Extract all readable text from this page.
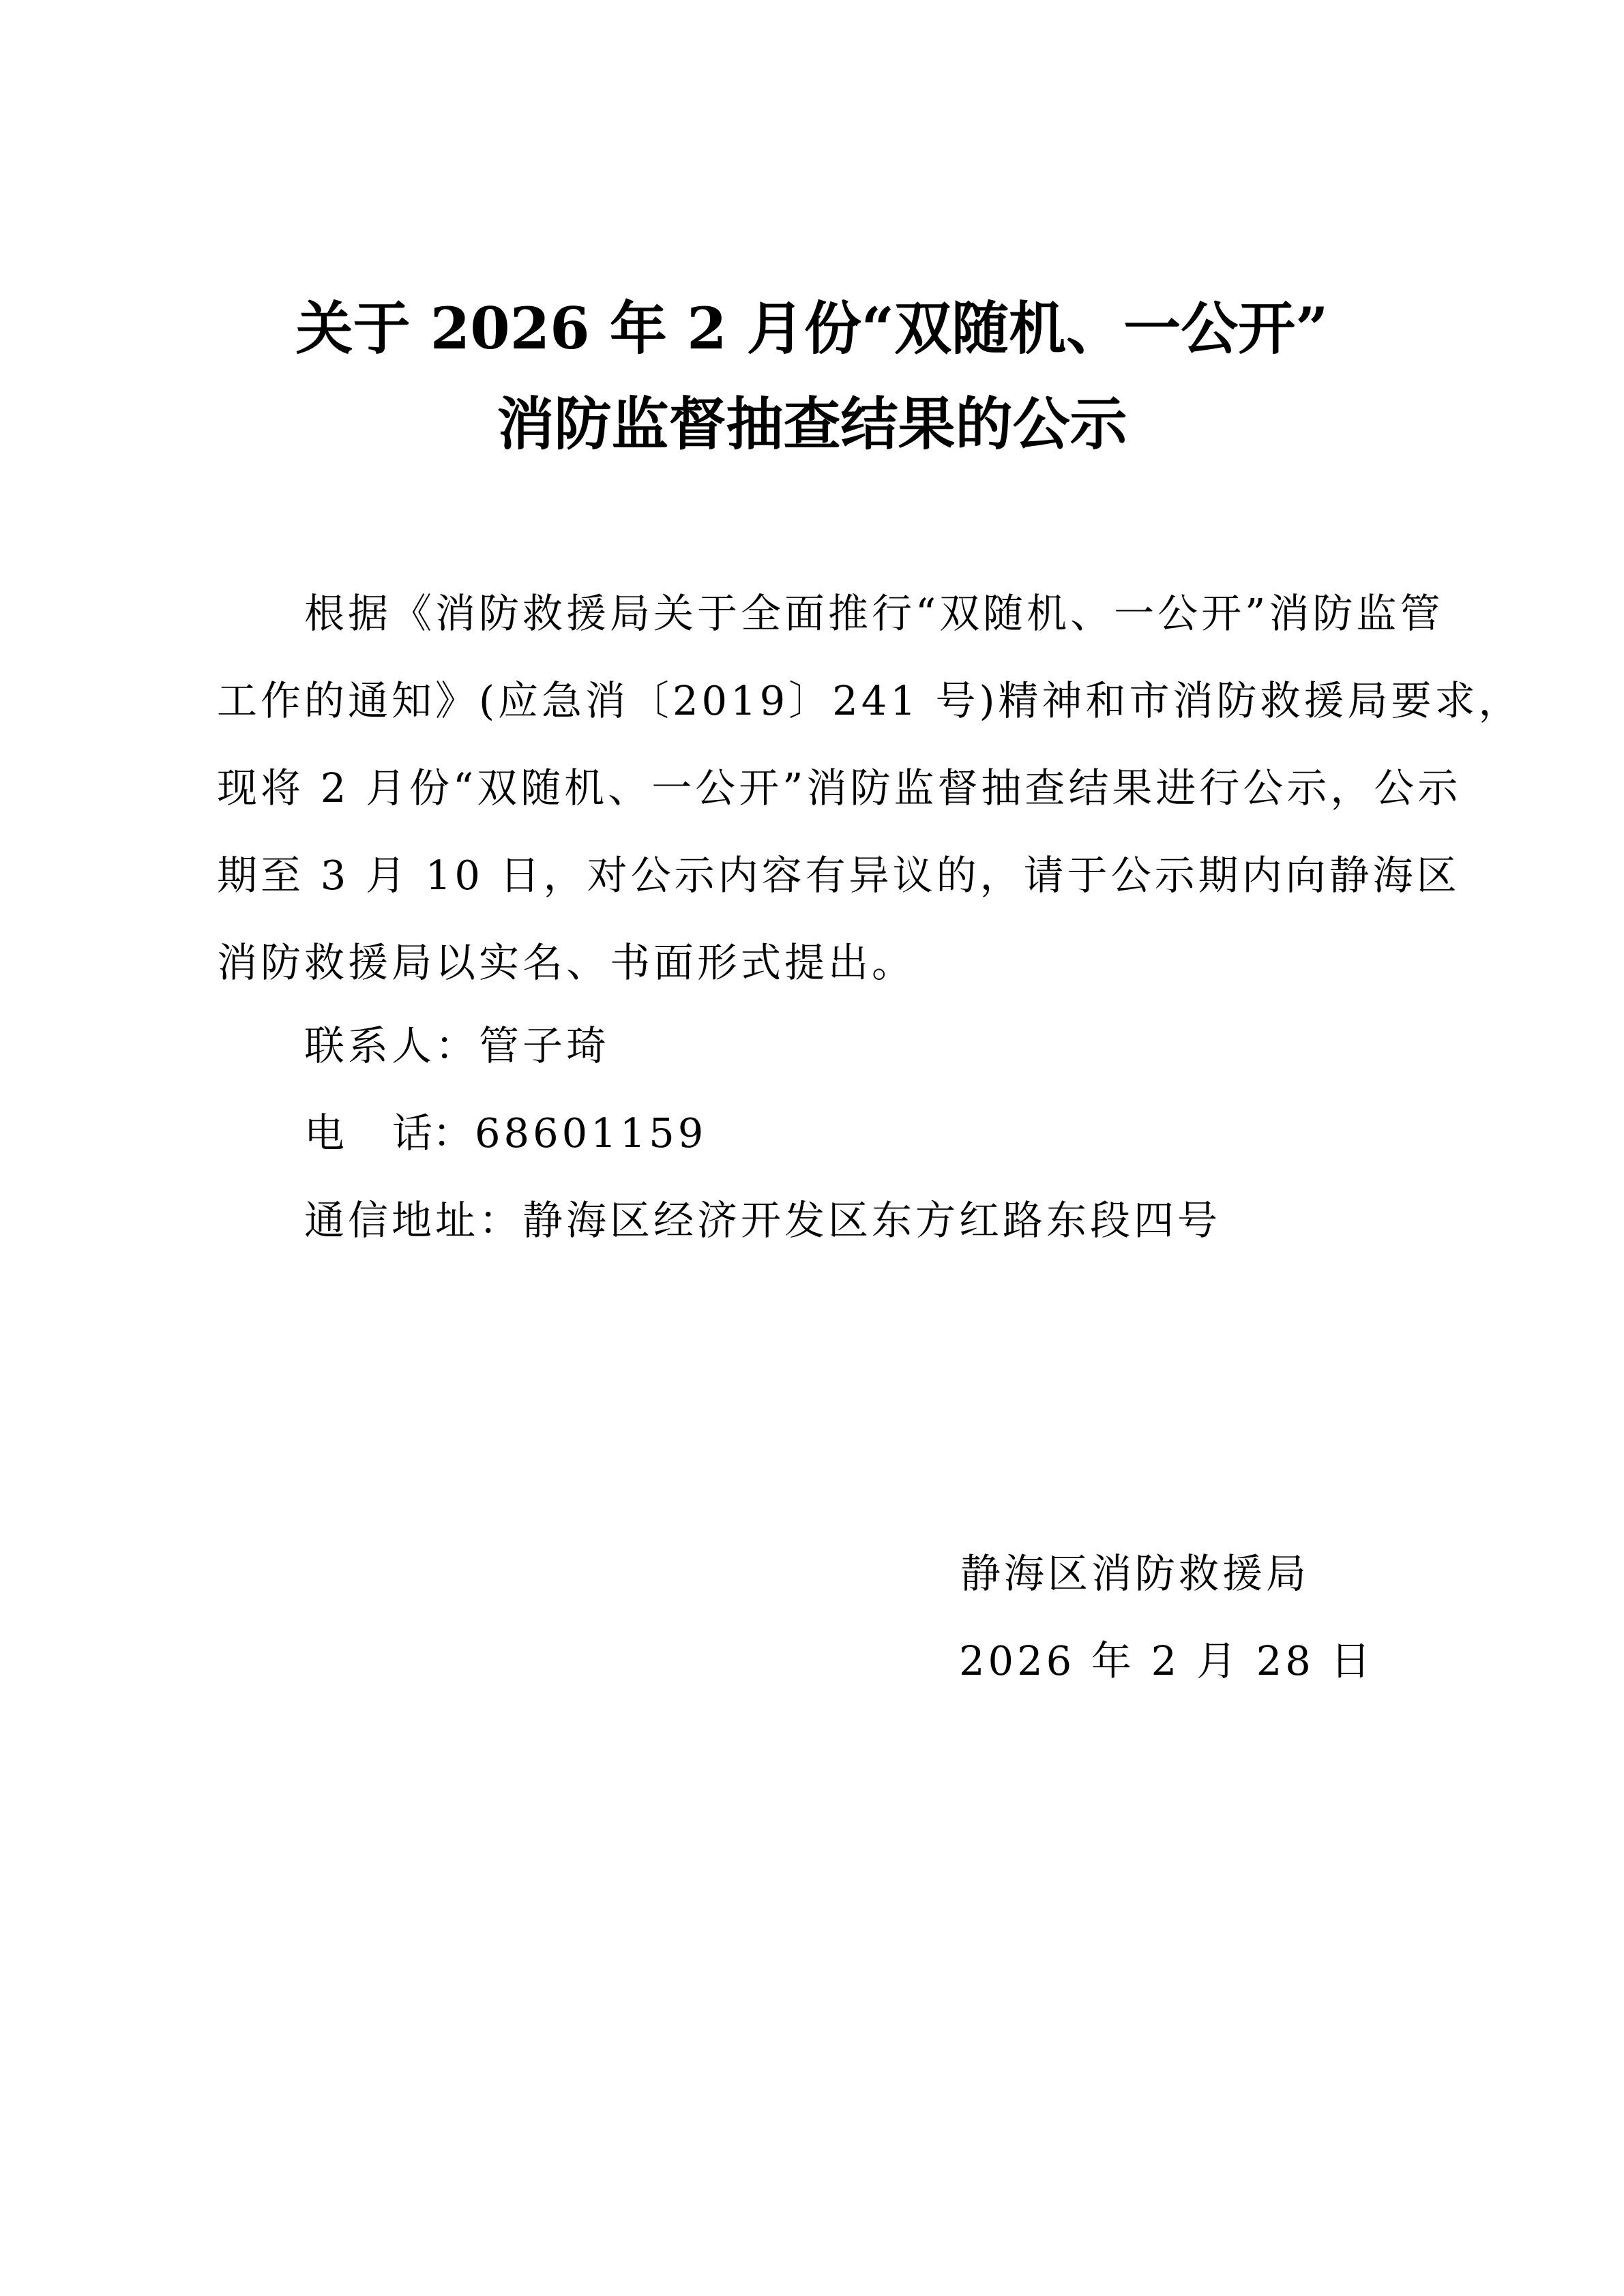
关于 2026 年 2 月份“双随机、一公开”
消防监督抽查结果的公示
根据《消防救援局关于全面推行“双随机、一公开”消防监管
工作的通知》(应急消〔2019〕241 号)精神和市消防救援局要求，
现将 2 月份“双随机、一公开”消防监督抽查结果进行公示，公示
期至 3 月 10 日，对公示内容有异议的，请于公示期内向静海区
消防救援局以实名、书面形式提出。
联系人：管子琦
电 话：68601159
通信地址：静海区经济开发区东方红路东段四号
静海区消防救援局
2026 年 2 月 28 日
